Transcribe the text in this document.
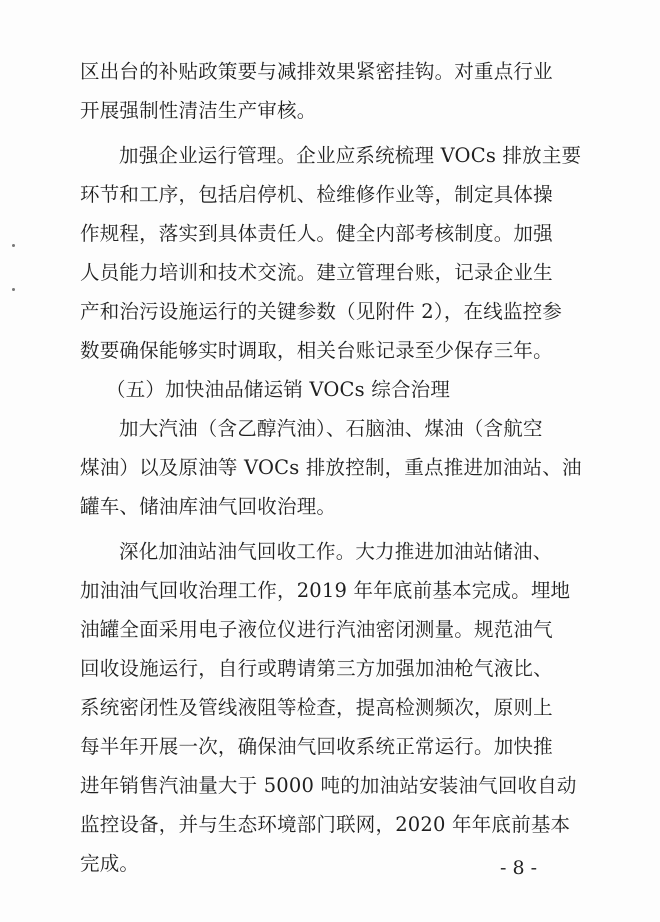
区出台的补贴政策要与减排效果紧密挂钩。对重点行业
开展强制性清洁生产审核。
加强企业运行管理。企业应系统梳理 VOCs 排放主要
环节和工序，包括启停机、检维修作业等，制定具体操
作规程，落实到具体责任人。健全内部考核制度。加强
人员能力培训和技术交流。建立管理台账，记录企业生
产和治污设施运行的关键参数（见附件 2），在线监控参
数要确保能够实时调取，相关台账记录至少保存三年。
（五）加快油品储运销 VOCs 综合治理
加大汽油（含乙醇汽油）、石脑油、煤油（含航空
煤油）以及原油等 VOCs 排放控制，重点推进加油站、油
罐车、储油库油气回收治理。
深化加油站油气回收工作。大力推进加油站储油、
加油油气回收治理工作，2019 年年底前基本完成。埋地
油罐全面采用电子液位仪进行汽油密闭测量。规范油气
回收设施运行，自行或聘请第三方加强加油枪气液比、
系统密闭性及管线液阻等检查，提高检测频次，原则上
每半年开展一次，确保油气回收系统正常运行。加快推
进年销售汽油量大于 5000 吨的加油站安装油气回收自动
监控设备，并与生态环境部门联网，2020 年年底前基本
完成。	- 8 -
